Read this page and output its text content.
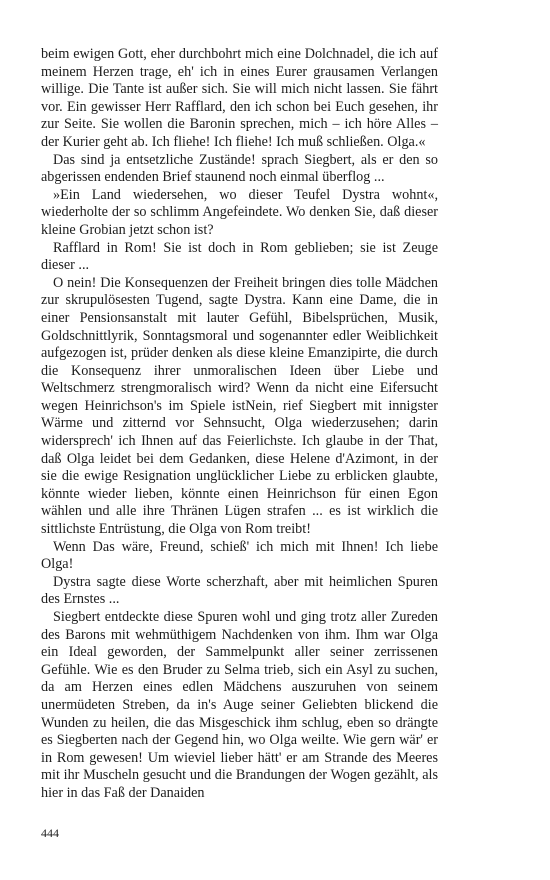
beim ewigen Gott, eher durchbohrt mich eine Dolchnadel, die ich auf meinem Herzen trage, eh' ich in eines Eurer grausamen Verlangen willige. Die Tante ist außer sich. Sie will mich nicht lassen. Sie fährt vor. Ein gewisser Herr Rafflard, den ich schon bei Euch gesehen, ihr zur Seite. Sie wollen die Baronin sprechen, mich – ich höre Alles – der Kurier geht ab. Ich fliehe! Ich fliehe! Ich muß schließen. Olga.«

Das sind ja entsetzliche Zustände! sprach Siegbert, als er den so abgerissen endenden Brief staunend noch einmal überflog ...

»Ein Land wiedersehen, wo dieser Teufel Dystra wohnt«, wiederholte der so schlimm Angefeindete. Wo denken Sie, daß dieser kleine Grobian jetzt schon ist?

Rafflard in Rom! Sie ist doch in Rom geblieben; sie ist Zeuge dieser ...

O nein! Die Konsequenzen der Freiheit bringen dies tolle Mädchen zur skrupulösesten Tugend, sagte Dystra. Kann eine Dame, die in einer Pensionsanstalt mit lauter Gefühl, Bibelsprüchen, Musik, Goldschnittlyrik, Sonntagsmoral und sogenannter edler Weiblichkeit aufgezogen ist, prüder denken als diese kleine Emanzipirte, die durch die Konsequenz ihrer unmoralischen Ideen über Liebe und Weltschmerz strengmoralisch wird? Wenn da nicht eine Eifersucht wegen Heinrichson's im Spiele istNein, rief Siegbert mit innigster Wärme und zitternd vor Sehnsucht, Olga wiederzusehen; darin widersprech' ich Ihnen auf das Feierlichste. Ich glaube in der That, daß Olga leidet bei dem Gedanken, diese Helene d'Azimont, in der sie die ewige Resignation unglücklicher Liebe zu erblicken glaubte, könnte wieder lieben, könnte einen Heinrichson für einen Egon wählen und alle ihre Thränen Lügen strafen ... es ist wirklich die sittlichste Entrüstung, die Olga von Rom treibt!

Wenn Das wäre, Freund, schieß' ich mich mit Ihnen! Ich liebe Olga!

Dystra sagte diese Worte scherzhaft, aber mit heimlichen Spuren des Ernstes ...

Siegbert entdeckte diese Spuren wohl und ging trotz aller Zureden des Barons mit wehmüthigem Nachdenken von ihm. Ihm war Olga ein Ideal geworden, der Sammelpunkt aller seiner zerrissenen Gefühle. Wie es den Bruder zu Selma trieb, sich ein Asyl zu suchen, da am Herzen eines edlen Mädchens auszuruhen von seinem unermüdeten Streben, da in's Auge seiner Geliebten blickend die Wunden zu heilen, die das Misgeschick ihm schlug, eben so drängte es Siegberten nach der Gegend hin, wo Olga weilte. Wie gern wär' er in Rom gewesen! Um wieviel lieber hätt' er am Strande des Meeres mit ihr Muscheln gesucht und die Brandungen der Wogen gezählt, als hier in das Faß der Danaiden

444
